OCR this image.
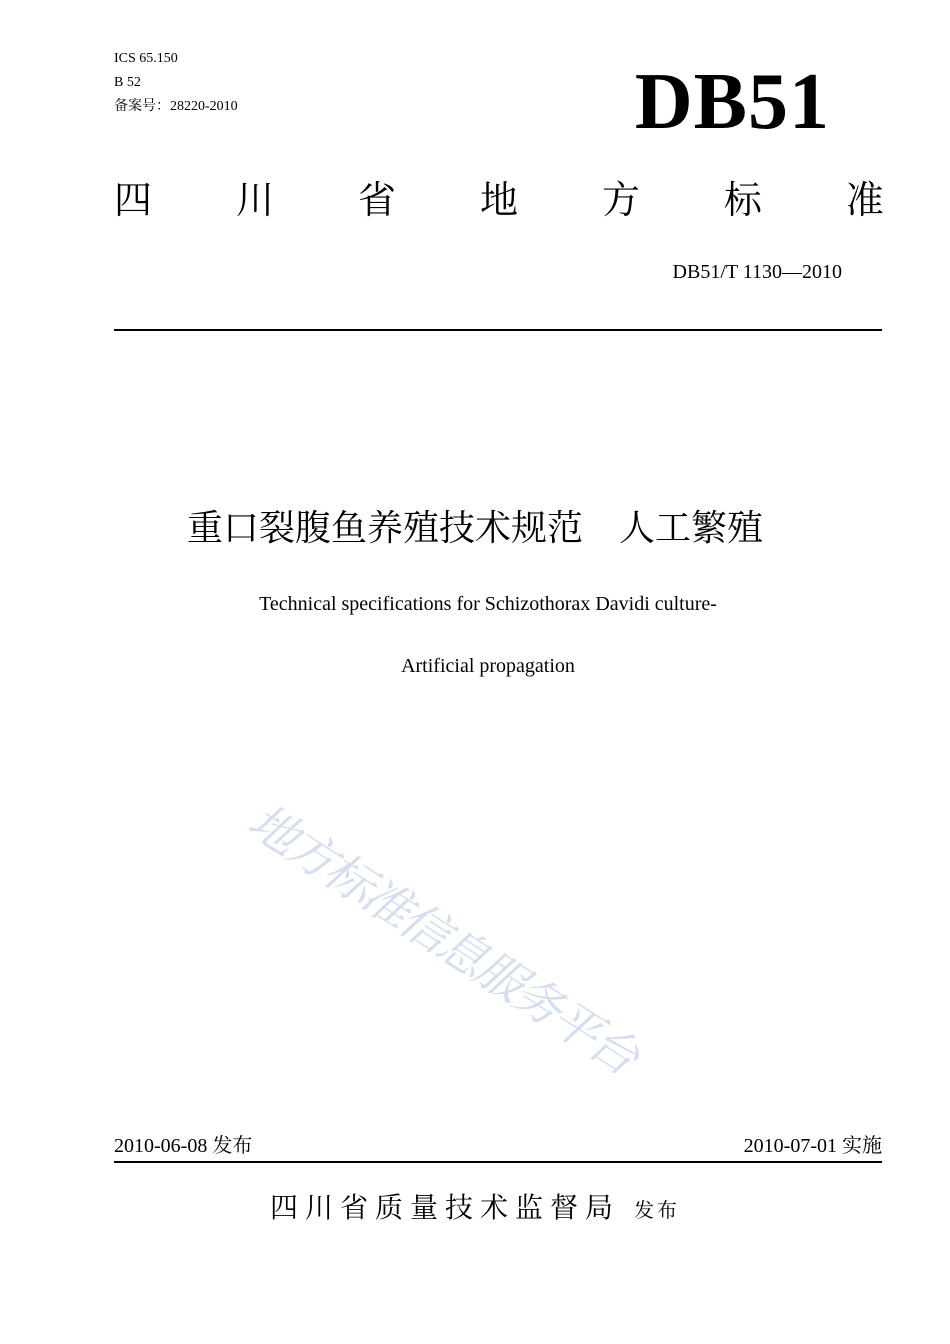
ICS 65.150
B 52
备案号：28220-2010	DB51
四 川 省 地 方 标 准
DB51/T 1130—2010
重口裂腹鱼养殖技术规范　人工繁殖
Technical specifications for Schizothorax Davidi culture-
Artificial propagation
地方标准信息服务平台
2010-06-08 发布	2010-07-01 实施
四川省质量技术监督局 发布
